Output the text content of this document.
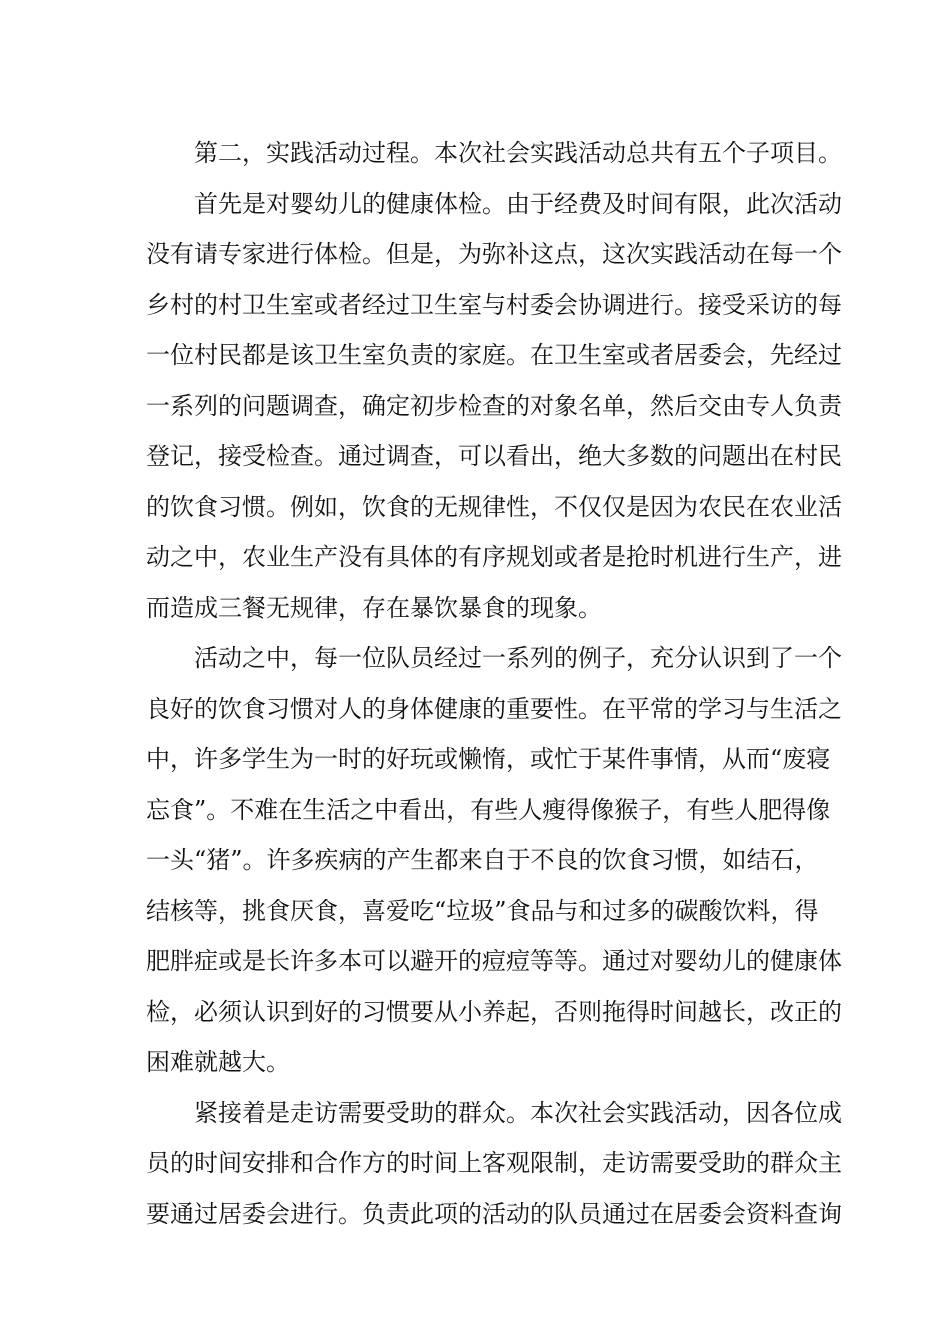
第二，实践活动过程。本次社会实践活动总共有五个子项目。
首先是对婴幼儿的健康体检。由于经费及时间有限，此次活动
没有请专家进行体检。但是，为弥补这点，这次实践活动在每一个
乡村的村卫生室或者经过卫生室与村委会协调进行。接受采访的每
一位村民都是该卫生室负责的家庭。在卫生室或者居委会，先经过
一系列的问题调查，确定初步检查的对象名单，然后交由专人负责
登记，接受检查。通过调查，可以看出，绝大多数的问题出在村民
的饮食习惯。例如，饮食的无规律性，不仅仅是因为农民在农业活
动之中，农业生产没有具体的有序规划或者是抢时机进行生产，进
而造成三餐无规律，存在暴饮暴食的现象。
活动之中，每一位队员经过一系列的例子，充分认识到了一个
良好的饮食习惯对人的身体健康的重要性。在平常的学习与生活之
中，许多学生为一时的好玩或懒惰，或忙于某件事情，从而“废寝
忘食”。不难在生活之中看出，有些人瘦得像猴子，有些人肥得像
一头“猪”。许多疾病的产生都来自于不良的饮食习惯，如结石，
结核等，挑食厌食，喜爱吃“垃圾”食品与和过多的碳酸饮料，得
肥胖症或是长许多本可以避开的痘痘等等。通过对婴幼儿的健康体
检，必须认识到好的习惯要从小养起，否则拖得时间越长，改正的
困难就越大。
紧接着是走访需要受助的群众。本次社会实践活动，因各位成
员的时间安排和合作方的时间上客观限制，走访需要受助的群众主
要通过居委会进行。负责此项的活动的队员通过在居委会资料查询
